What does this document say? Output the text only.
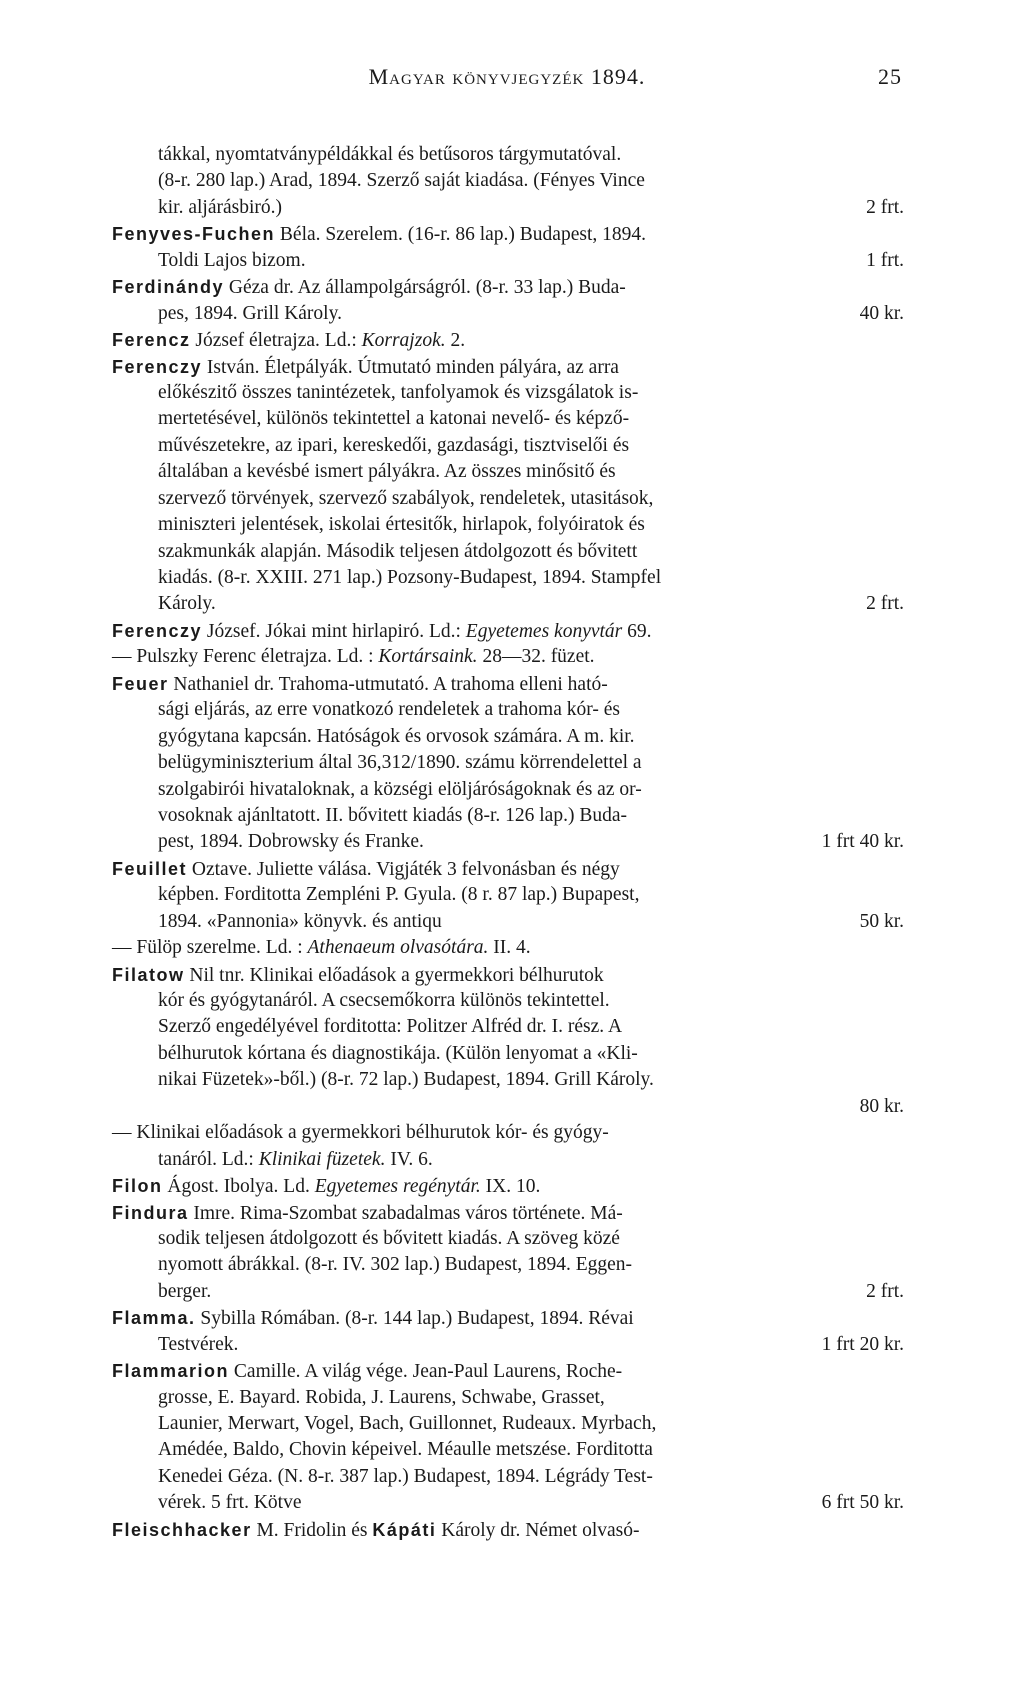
Magyar könyvjegyzék 1894.	25
tákkal, nyomtatványpéldákkal és betűsoros tárgymutatóval.
(8-r. 280 lap.) Arad, 1894. Szerző saját kiadása. (Fényes Vince
kir. aljárásbiró.)	2 frt.
Fenyves-Fuchen Béla. Szerelem. (16-r. 86 lap.) Budapest, 1894.
Toldi Lajos bizom.	1 frt.
Ferdinándy Géza dr. Az állampolgárságról. (8-r. 33 lap.) Buda-
pes, 1894. Grill Károly.	40 kr.
Ferencz József életrajza. Ld.: Korrajzok. 2.
Ferenczy István. Életpályák. Útmutató minden pályára, az arra
előkészitő összes tanintézetek, tanfolyamok és vizsgálatok is-
mertetésével, különös tekintettel a katonai nevelő- és képző-
művészetekre, az ipari, kereskedői, gazdasági, tisztviselői és
általában a kevésbé ismert pályákra. Az összes minősitő és
szervező törvények, szervező szabályok, rendeletek, utasitások,
miniszteri jelentések, iskolai értesitők, hirlapok, folyóiratok és
szakmunkák alapján. Második teljesen átdolgozott és bővitett
kiadás. (8-r. XXIII. 271 lap.) Pozsony-Budapest, 1894. Stampfel
Károly.	2 frt.
Ferenczy József. Jókai mint hirlapiró. Ld.: Egyetemes konyvtár 69.
— Pulszky Ferenc életrajza. Ld. : Kortársaink. 28—32. füzet.
Feuer Nathaniel dr. Trahoma-utmutató. A trahoma elleni ható-
sági eljárás, az erre vonatkozó rendeletek a trahoma kór- és
gyógytana kapcsán. Hatóságok és orvosok számára. A m. kir.
belügyminiszterium által 36,312/1890. számu körrendelettel a
szolgabirói hivataloknak, a községi elöljáróságoknak és az or-
vosoknak ajánltatott. II. bővitett kiadás (8-r. 126 lap.) Buda-
pest, 1894. Dobrowsky és Franke.	1 frt 40 kr.
Feuillet Oztave. Juliette válása. Vigjáték 3 felvonásban és négy
képben. Forditotta Zempléni P. Gyula. (8 r. 87 lap.) Bupapest,
1894. «Pannonia» könyvk. és antiqu	50 kr.
— Fülöp szerelme. Ld. : Athenaeum olvasótára. II. 4.
Filatow Nil tnr. Klinikai előadások a gyermekkori bélhurutok
kór és gyógytanáról. A csecsemőkorra különös tekintettel.
Szerző engedélyével forditotta: Politzer Alfréd dr. I. rész. A
bélhurutok kórtana és diagnostikája. (Külön lenyomat a «Kli-
nikai Füzetek»-ből.) (8-r. 72 lap.) Budapest, 1894. Grill Károly.
80 kr.
— Klinikai előadások a gyermekkori bélhurutok kór- és gyógy-
tanáról. Ld.: Klinikai füzetek. IV. 6.
Filon Ágost. Ibolya. Ld. Egyetemes regénytár. IX. 10.
Findura Imre. Rima-Szombat szabadalmas város története. Má-
sodik teljesen átdolgozott és bővitett kiadás. A szöveg közé
nyomott ábrákkal. (8-r. IV. 302 lap.) Budapest, 1894. Eggen-
berger.	2 frt.
Flamma. Sybilla Rómában. (8-r. 144 lap.) Budapest, 1894. Révai
Testvérek.	1 frt 20 kr.
Flammarion Camille. A világ vége. Jean-Paul Laurens, Roche-
grosse, E. Bayard. Robida, J. Laurens, Schwabe, Grasset,
Launier, Merwart, Vogel, Bach, Guillonnet, Rudeaux. Myrbach,
Amédée, Baldo, Chovin képeivel. Méaulle metszése. Forditotta
Kenedei Géza. (N. 8-r. 387 lap.) Budapest, 1894. Légrády Test-
vérek. 5 frt. Kötve	6 frt 50 kr.
Fleischhacker M. Fridolin és Kápáti Károly dr. Német olvasó-
